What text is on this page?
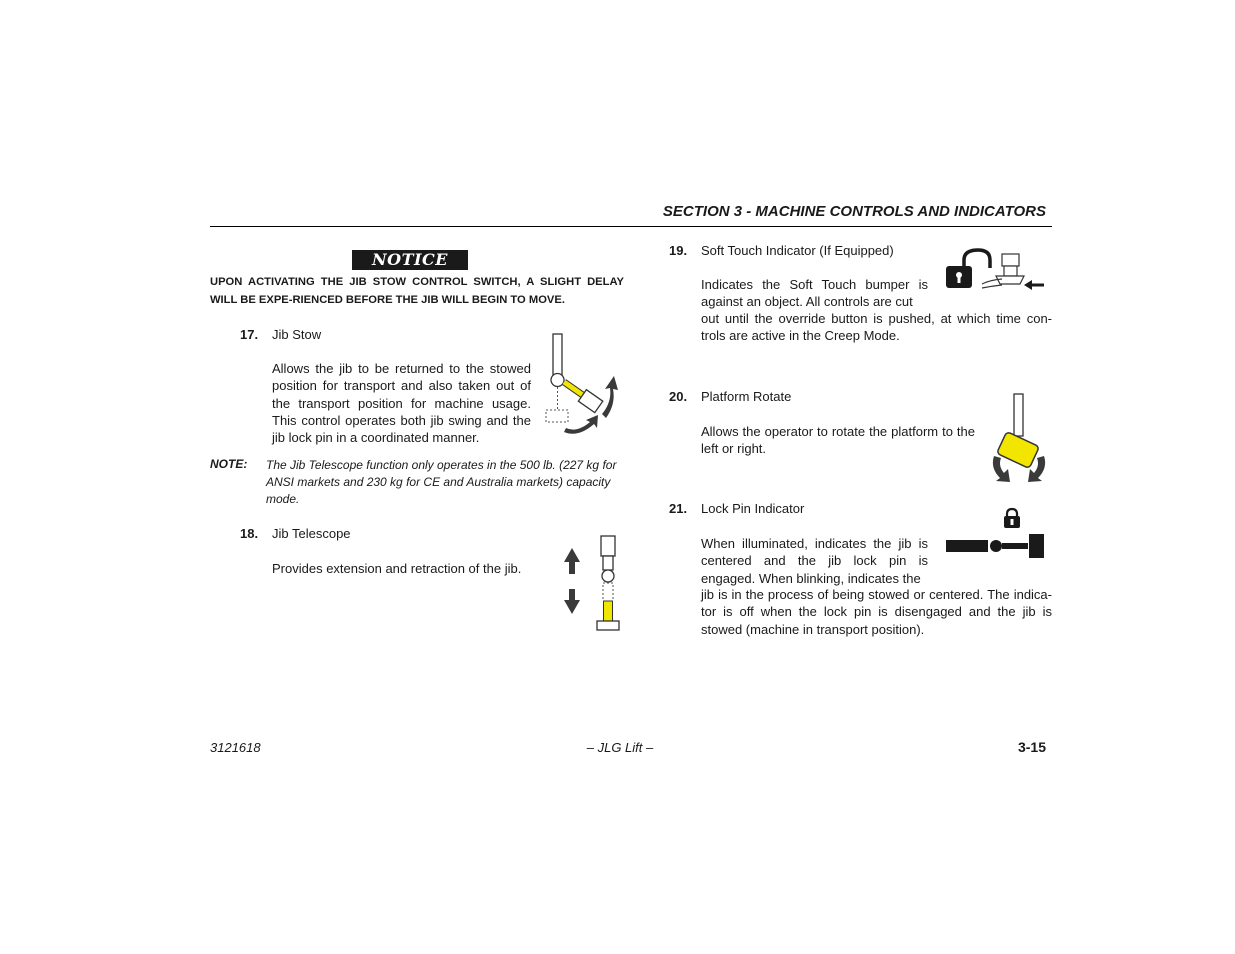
SECTION 3 - MACHINE CONTROLS AND INDICATORS
NOTICE
UPON ACTIVATING THE JIB STOW CONTROL SWITCH, A SLIGHT DELAY WILL BE EXPE-RIENCED BEFORE THE JIB WILL BEGIN TO MOVE.
17. Jib Stow
Allows the jib to be returned to the stowed position for transport and also taken out of the transport position for machine usage. This control operates both jib swing and the jib lock pin in a coordinated manner.
NOTE: The Jib Telescope function only operates in the 500 lb. (227 kg for ANSI markets and 230 kg for CE and Australia markets) capacity mode.
18. Jib Telescope
Provides extension and retraction of the jib.
19. Soft Touch Indicator (If Equipped)
Indicates the Soft Touch bumper is against an object. All controls are cut
out until the override button is pushed, at which time con-trols are active in the Creep Mode.
20. Platform Rotate
Allows the operator to rotate the platform to the left or right.
21. Lock Pin Indicator
When illuminated, indicates the jib is centered and the jib lock pin is engaged. When blinking, indicates the
jib is in the process of being stowed or centered. The indica-tor is off when the lock pin is disengaged and the jib is stowed (machine in transport position).
3121618	– JLG Lift –	3-15
